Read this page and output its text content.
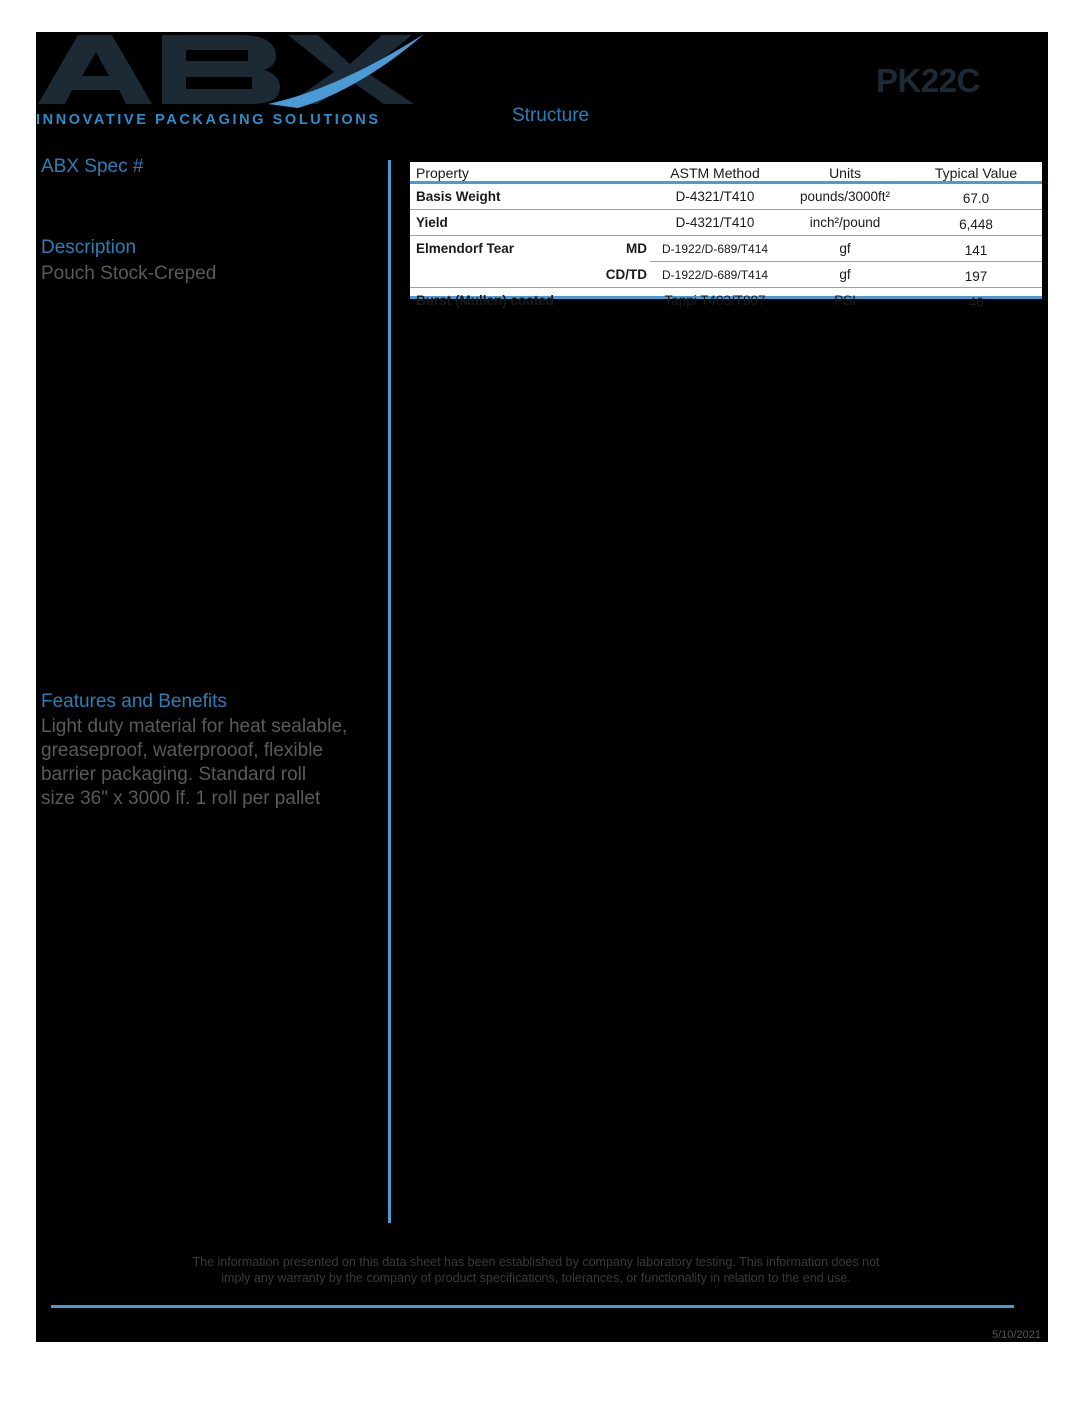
INNOVATIVE PACKAGING SOLUTIONS
PK22C
Structure
ABX Spec #
Description
Pouch Stock-Creped
Features and Benefits
Light duty material for heat sealable,
greaseproof, waterprooof, flexible
barrier packaging. Standard roll
size 36" x 3000 lf. 1 roll per pallet
Property		ASTM Method	Units	Typical Value
Basis Weight		D-4321/T410	pounds/3000ft²	67.0
Yield		D-4321/T410	inch²/pound	6,448
Elmendorf Tear	MD	D-1922/D-689/T414	gf	141
	CD/TD	D-1922/D-689/T414	gf	197
Burst (Mullen) coated		Tappi T403/T807	PSI	46
The information presented on this data sheet has been established by company laboratory testing. This information does not
imply any warranty by the company of product specifications, tolerances, or functionality in relation to the end use.
5/10/2021
